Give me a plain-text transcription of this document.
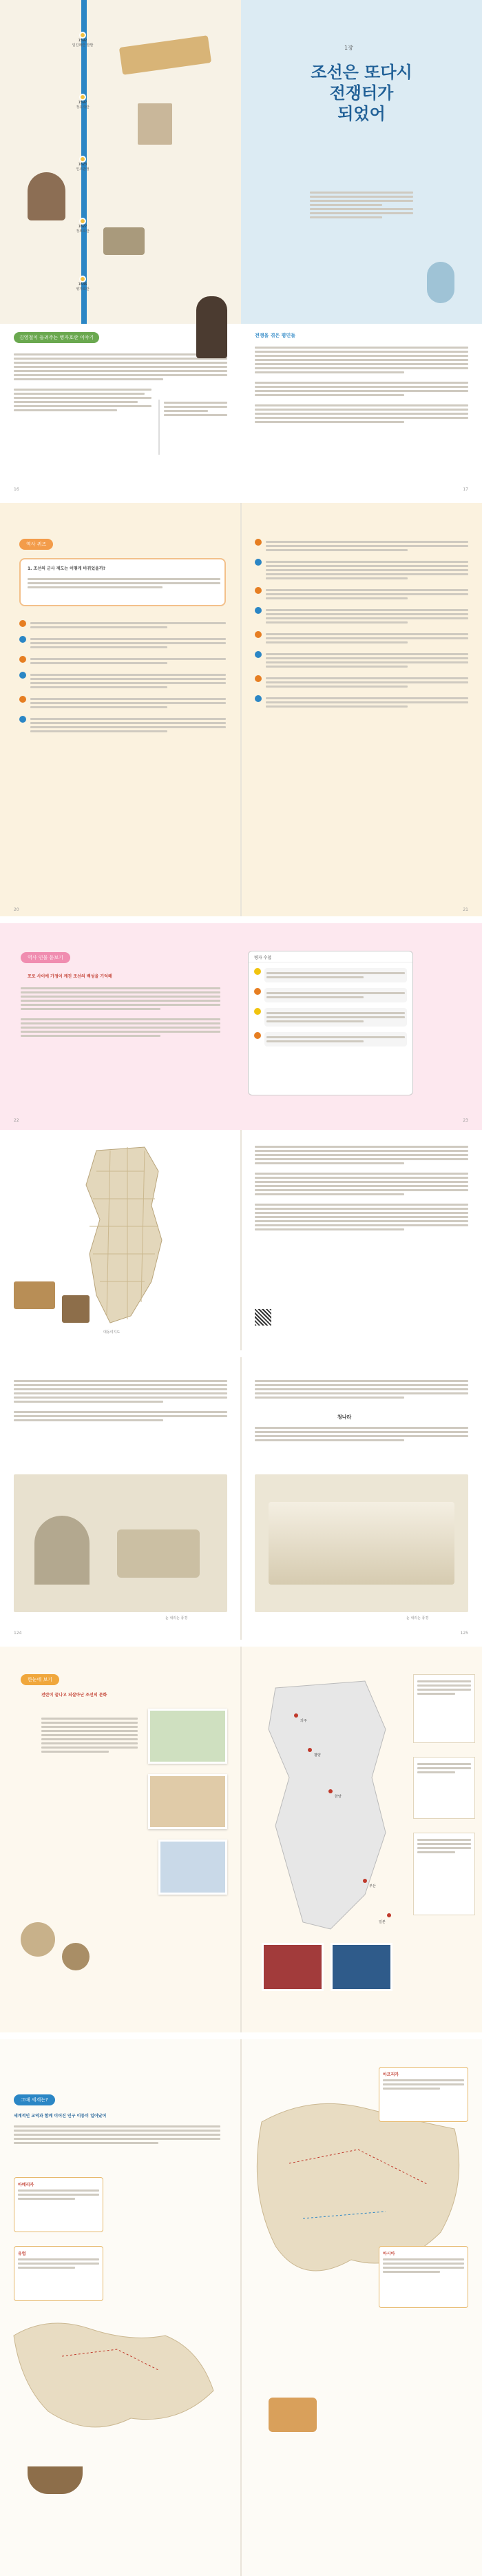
1592
임진왜란 발발
1597
정유재란
1623
인조반정
1627
정묘호란
1636
병자호란
1장
조선은 또다시
전쟁터가
되었어
김영철이 들려주는 병자호란 이야기
16
전쟁을 겪은 평민들
17
역사 퀴즈
1. 조선의 군사 제도는 어떻게 바뀌었을까?
20	21
역사 인물 돋보기
포로 사이에 가정이 깨진 조선의 백성을 기억해
22
병자 수첩
23
대동여지도
눈 내리는 풍경
124
청나라
눈 내리는 풍경
125
한눈에 보기
전란이 끝나고 되살아난 조선의 문화
한양
평양
의주
부산
일본
그때 세계는?
세계적인 교역과 함께 이어진 인구 이동이 일어났어
아메리카
유럽
아프리카
아시아
